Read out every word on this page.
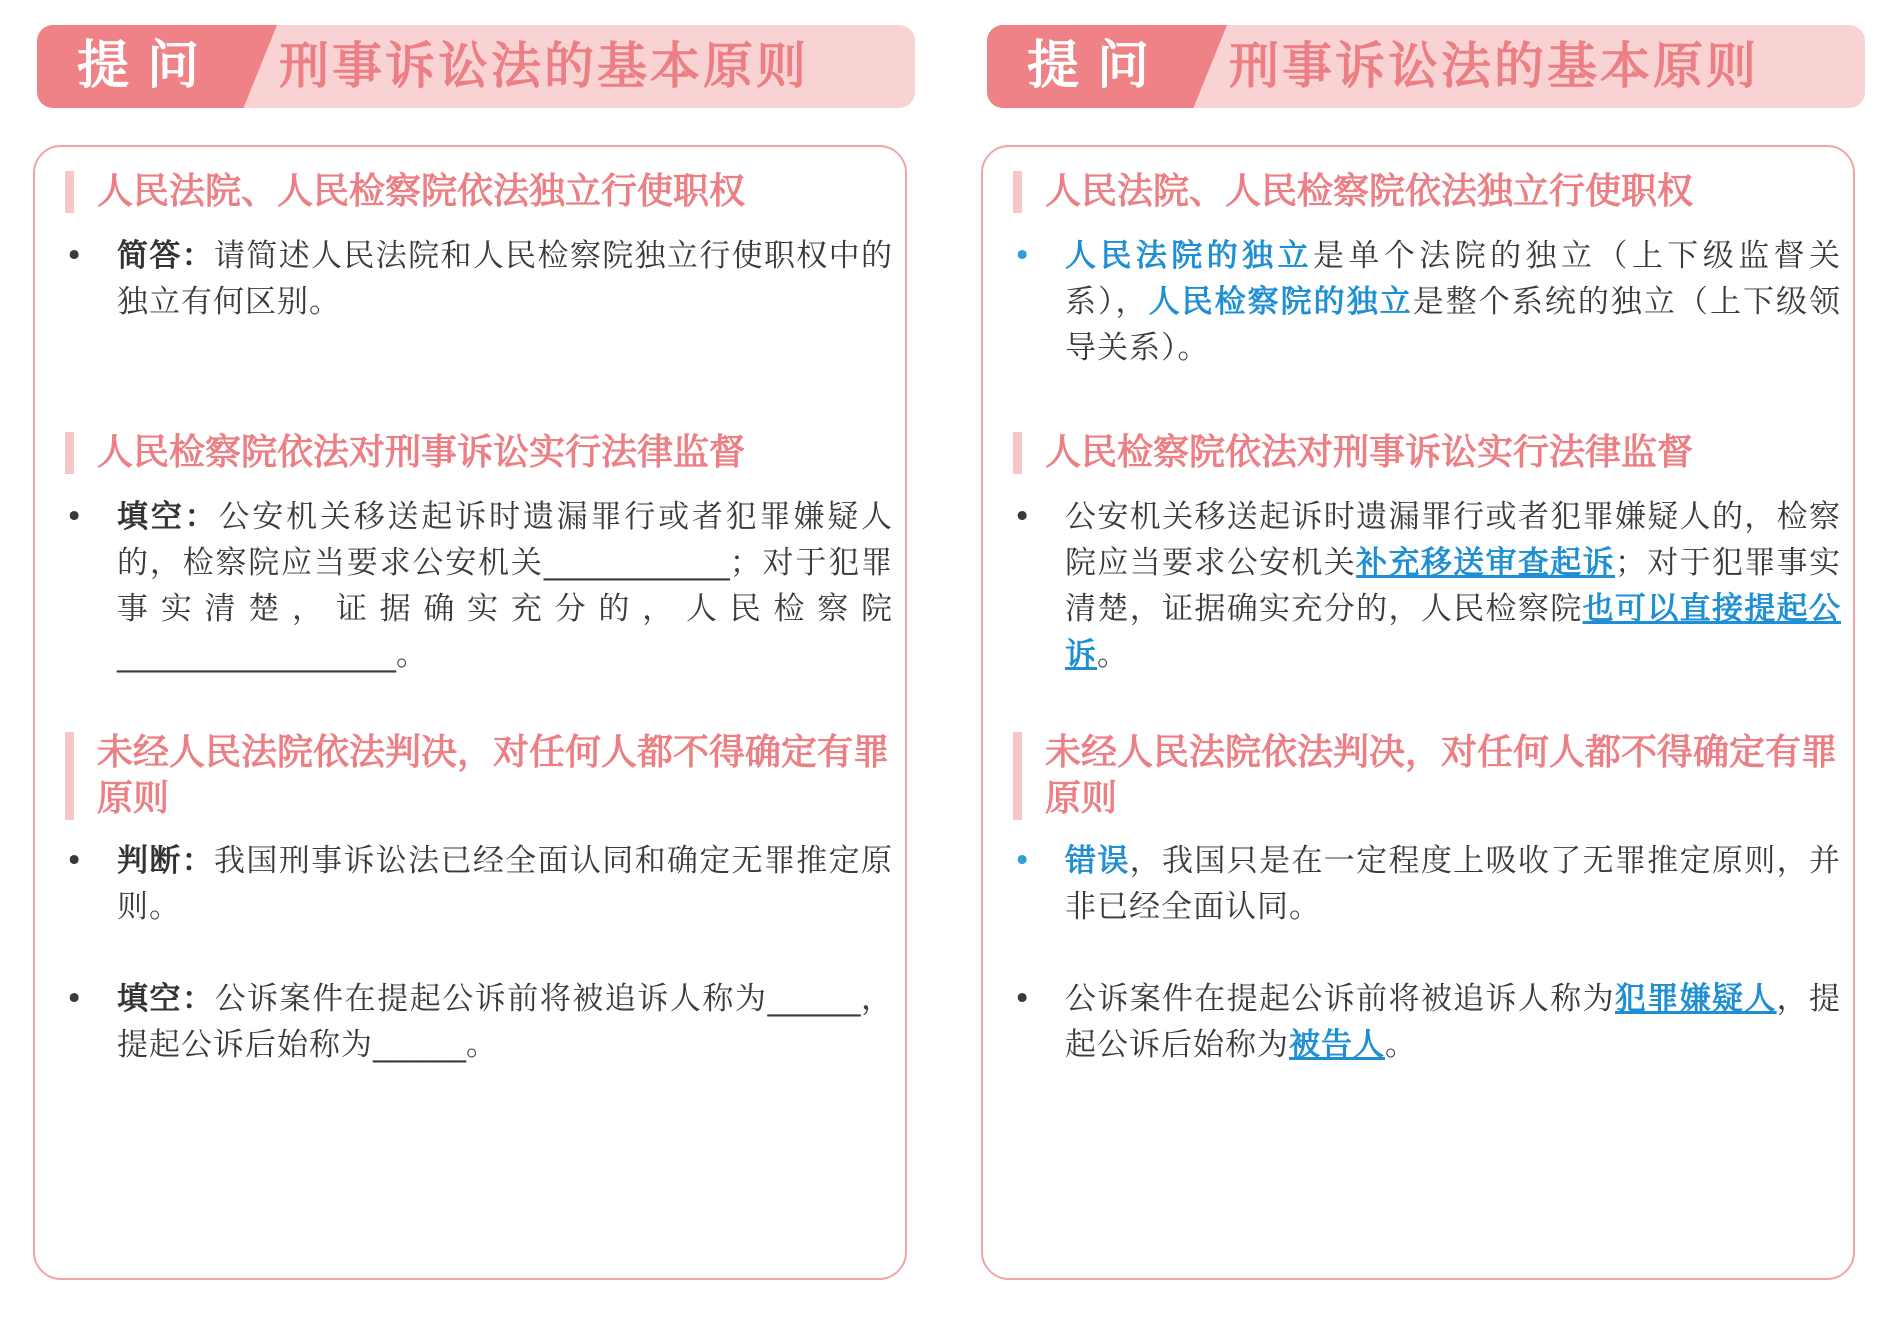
提问 刑事诉讼法的基本原则	提问 刑事诉讼法的基本原则
人民法院、人民检察院依法独立行使职权
• 简答：请简述人民法院和人民检察院独立行使职权中的独立有何区别。
人民检察院依法对刑事诉讼实行法律监督
• 填空：公安机关移送起诉时遗漏罪行或者犯罪嫌疑人的，检察院应当要求公安机关____________；对于犯罪事实清楚，证据确实充分的，人民检察院__________________。
未经人民法院依法判决，对任何人都不得确定有罪原则
• 判断：我国刑事诉讼法已经全面认同和确定无罪推定原则。
• 填空：公诉案件在提起公诉前将被追诉人称为______，提起公诉后始称为______。
人民法院、人民检察院依法独立行使职权
• 人民法院的独立是单个法院的独立（上下级监督关系），人民检察院的独立是整个系统的独立（上下级领导关系）。
人民检察院依法对刑事诉讼实行法律监督
• 公安机关移送起诉时遗漏罪行或者犯罪嫌疑人的，检察院应当要求公安机关补充移送审查起诉；对于犯罪事实清楚，证据确实充分的，人民检察院也可以直接提起公诉。
未经人民法院依法判决，对任何人都不得确定有罪原则
• 错误，我国只是在一定程度上吸收了无罪推定原则，并非已经全面认同。
• 公诉案件在提起公诉前将被追诉人称为犯罪嫌疑人，提起公诉后始称为被告人。
